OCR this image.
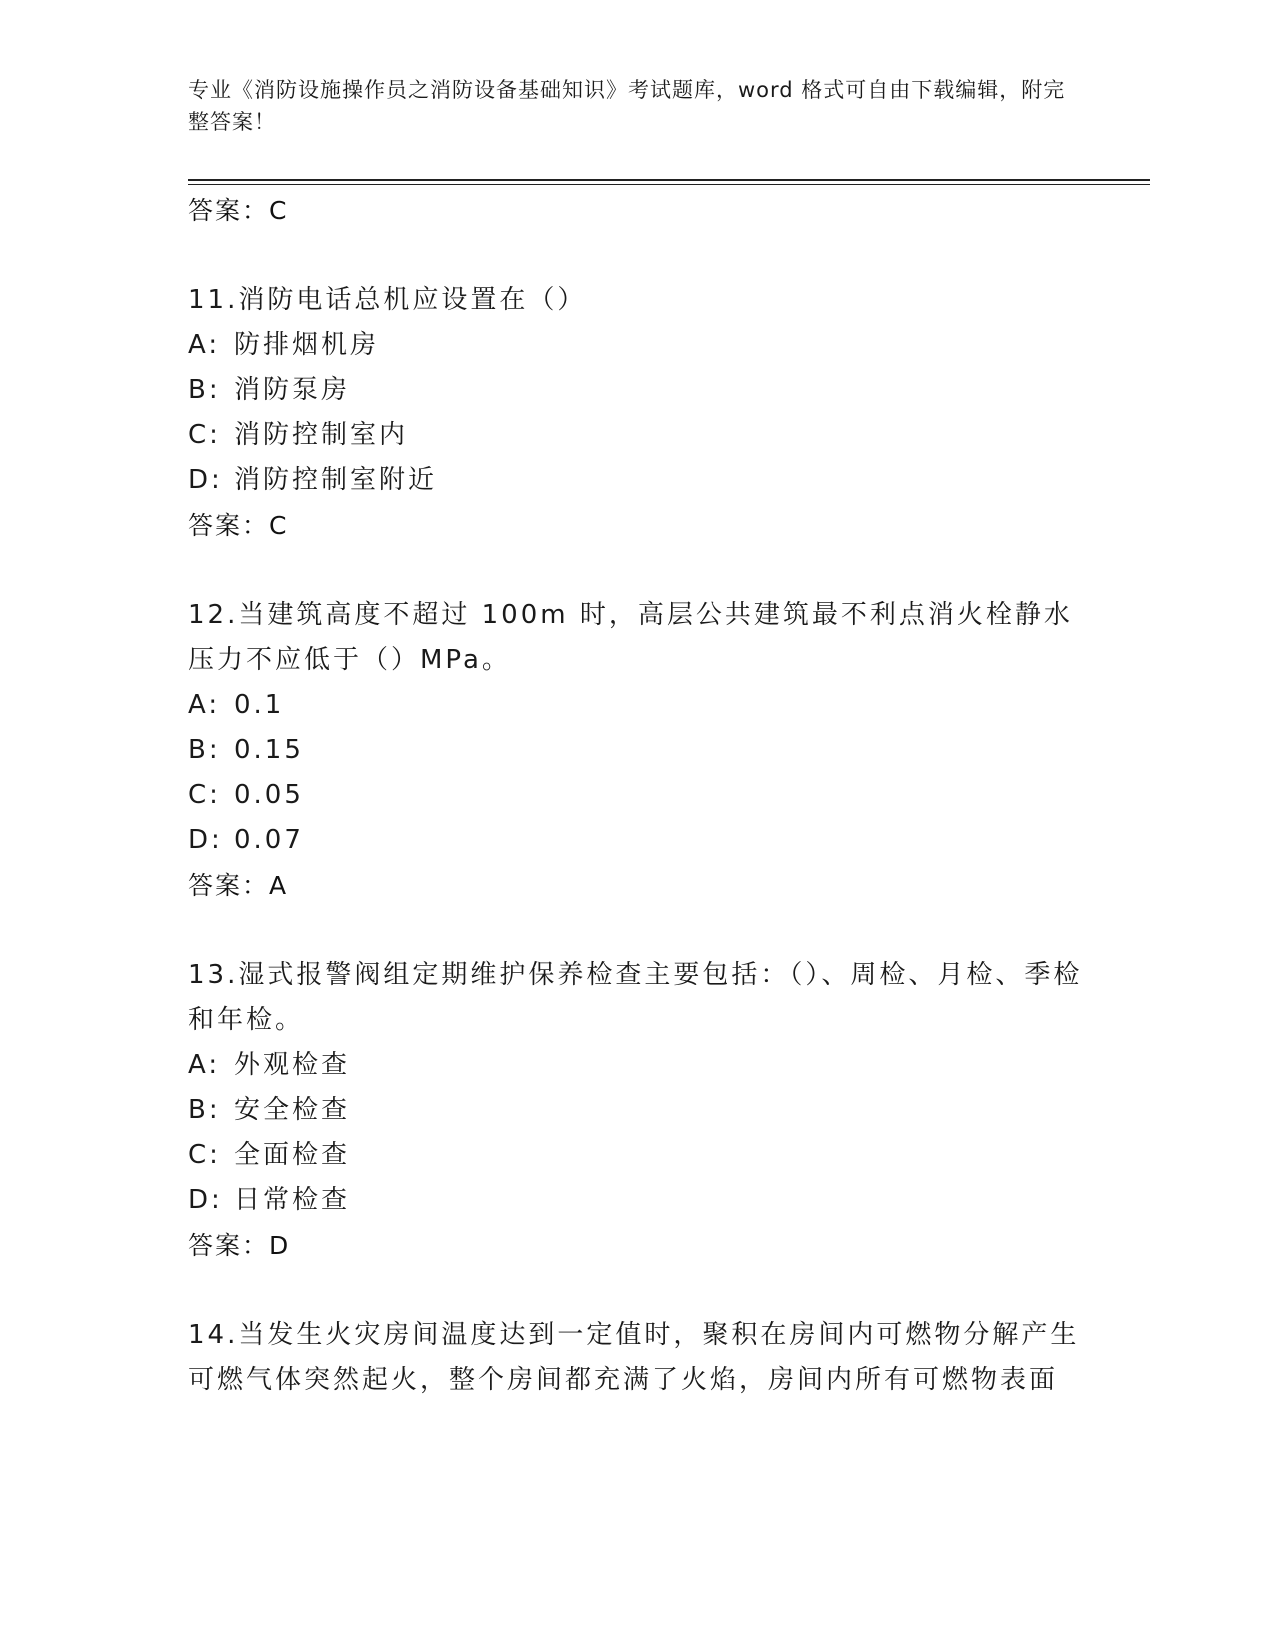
专业《消防设施操作员之消防设备基础知识》考试题库，word 格式可自由下载编辑，附完整答案！
答案：C
11.消防电话总机应设置在（）
A: 防排烟机房
B: 消防泵房
C: 消防控制室内
D: 消防控制室附近
答案：C
12.当建筑高度不超过 100m 时，高层公共建筑最不利点消火栓静水压力不应低于（）MPa。
A: 0.1
B: 0.15
C: 0.05
D: 0.07
答案：A
13.湿式报警阀组定期维护保养检查主要包括：（）、周检、月检、季检和年检。
A: 外观检查
B: 安全检查
C: 全面检查
D: 日常检查
答案：D
14.当发生火灾房间温度达到一定值时，聚积在房间内可燃物分解产生可燃气体突然起火，整个房间都充满了火焰，房间内所有可燃物表面
